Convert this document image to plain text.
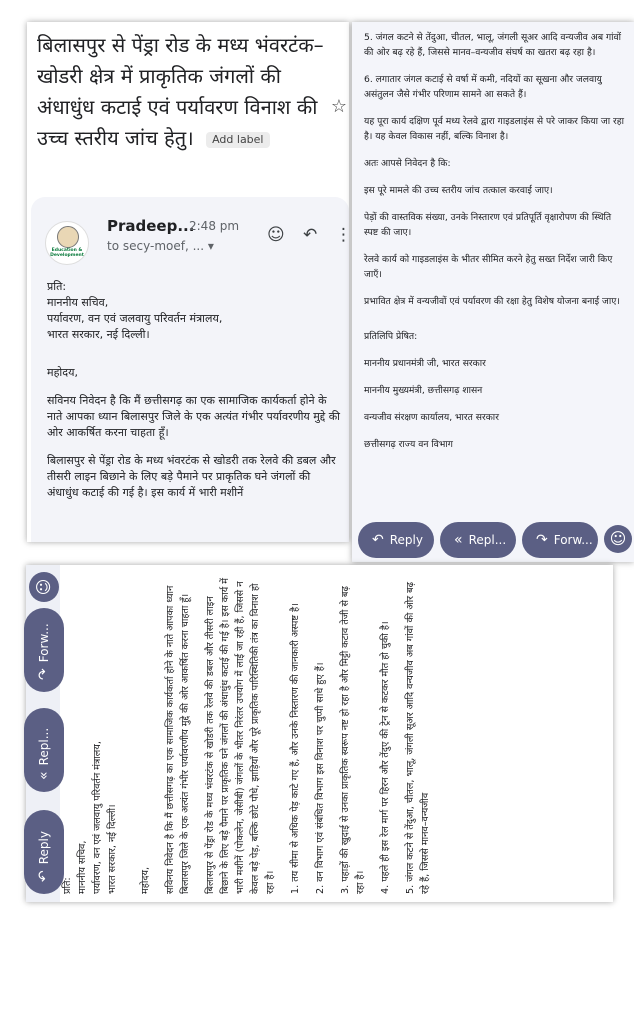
बिलासपुर से पेंड्रा रोड के मध्य भंवरटंक–खोडरी क्षेत्र में प्राकृतिक जंगलों की अंधाधुंध कटाई एवं पर्यावरण विनाश की उच्च स्तरीय जांच हेतु। Add label
☆
Education & Development
Pradeep...
2:48 pm
to secy-moef, ... ▾
☺ ↶ ⋮

प्रति:
माननीय सचिव,
पर्यावरण, वन एवं जलवायु परिवर्तन मंत्रालय,
भारत सरकार, नई दिल्ली।

महोदय,

सविनय निवेदन है कि मैं छत्तीसगढ़ का एक सामाजिक कार्यकर्ता होने के नाते आपका ध्यान बिलासपुर जिले के एक अत्यंत गंभीर पर्यावरणीय मुद्दे की ओर आकर्षित करना चाहता हूँ।

बिलासपुर से पेंड्रा रोड के मध्य भंवरटंक से खोडरी तक रेलवे की डबल और तीसरी लाइन बिछाने के लिए बड़े पैमाने पर प्राकृतिक घने जंगलों की अंधाधुंध कटाई की गई है। इस कार्य में भारी मशीनें

5. जंगल कटने से तेंदुआ, चीतल, भालू, जंगली सूअर आदि वन्यजीव अब गांवों की ओर बढ़ रहे हैं, जिससे मानव–वन्यजीव संघर्ष का खतरा बढ़ रहा है।

6. लगातार जंगल कटाई से वर्षा में कमी, नदियों का सूखना और जलवायु असंतुलन जैसे गंभीर परिणाम सामने आ सकते हैं।

यह पूरा कार्य दक्षिण पूर्व मध्य रेलवे द्वारा गाइडलाइंस से परे जाकर किया जा रहा है। यह केवल विकास नहीं, बल्कि विनाश है।

अतः आपसे निवेदन है कि:

इस पूरे मामले की उच्च स्तरीय जांच तत्काल करवाई जाए।

पेड़ों की वास्तविक संख्या, उनके निस्तारण एवं प्रतिपूर्ति वृक्षारोपण की स्थिति स्पष्ट की जाए।

रेलवे कार्य को गाइडलाइंस के भीतर सीमित करने हेतु सख्त निर्देश जारी किए जाएँ।

प्रभावित क्षेत्र में वन्यजीवों एवं पर्यावरण की रक्षा हेतु विशेष योजना बनाई जाए।

प्रतिलिपि प्रेषित:

माननीय प्रधानमंत्री जी, भारत सरकार

माननीय मुख्यमंत्री, छत्तीसगढ़ शासन

वन्यजीव संरक्षण कार्यालय, भारत सरकार

छत्तीसगढ़ राज्य वन विभाग

↶ Reply	« Repl...	↷ Forw...	☺
↶Reply
«Repl...
↷Forw...
☺

प्रति: माननीय सचिव, पर्यावरण, वन एवं जलवायु परिवर्तन मंत्रालय, भारत सरकार, नई दिल्ली। महोदय, सविनय निवेदन है कि मैं छत्तीसगढ़ का एक सामाजिक कार्यकर्ता होने के नाते आपका ध्यान बिलासपुर जिले के एक अत्यंत गंभीर पर्यावरणीय मुद्दे की ओर आकर्षित करना चाहता हूँ। बिलासपुर से पेंड्रा रोड के मध्य भंवरटंक से खोडरी तक रेलवे की डबल और तीसरी लाइन बिछाने के लिए बड़े पैमाने पर प्राकृतिक घने जंगलों की अंधाधुंध कटाई की गई है। इस कार्य में भारी मशीनें (पोकलेन, जेसीबी) जंगलों के भीतर निरंतर उपयोग में लाई जा रही हैं, जिससे न केवल बड़े पेड़, बल्कि छोटे पौधे, झाड़ियाँ और पूरे प्राकृतिक पारिस्थितिकी तंत्र का विनाश हो रहा है। 1. तय सीमा से अधिक पेड़ काटे गए हैं, और उनके निस्तारण की जानकारी अस्पष्ट है। 2. वन विभाग एवं संबंधित विभाग इस विनाश पर चुप्पी साधे हुए हैं। 3. पहाड़ों की खुदाई से उनका प्राकृतिक स्वरूप नष्ट हो रहा है और मिट्टी कटाव तेजी से बढ़ रहा है। 4. पहले ही इस रेल मार्ग पर हिरन और तेंदुए की ट्रेन से कटकर मौत हो चुकी है। 5. जंगल कटने से तेंदुआ, चीतल, भालू, जंगली सूअर आदि वन्यजीव अब गांवों की ओर बढ़ रहे हैं, जिससे मानव–वन्यजीव
